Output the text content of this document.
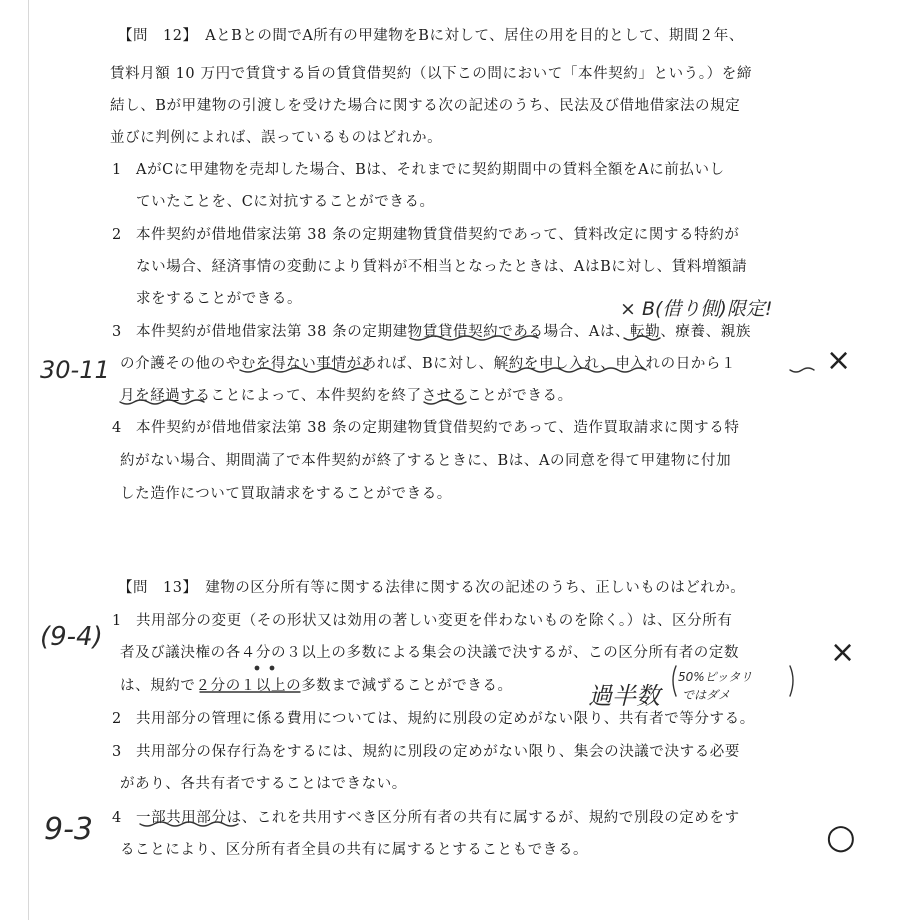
【問　12】　AとBとの間でA所有の甲建物をBに対して、居住の用を目的として、期間２年、
賃料月額 10 万円で賃貸する旨の賃貸借契約（以下この問において「本件契約」という。）を締
結し、Bが甲建物の引渡しを受けた場合に関する次の記述のうち、民法及び借地借家法の規定
並びに判例によれば、誤っているものはどれか。
1 AがCに甲建物を売却した場合、Bは、それまでに契約期間中の賃料全額をAに前払いし
ていたことを、Cに対抗することができる。
2 本件契約が借地借家法第 38 条の定期建物賃貸借契約であって、賃料改定に関する特約が
ない場合、経済事情の変動により賃料が不相当となったときは、AはBに対し、賃料増額請
求をすることができる。
3 本件契約が借地借家法第 38 条の定期建物賃貸借契約である場合、Aは、転勤、療養、親族
の介護その他のやむを得ない事情があれば、Bに対し、解約を申し入れ、申入れの日から１
月を経過することによって、本件契約を終了させることができる。
4 本件契約が借地借家法第 38 条の定期建物賃貸借契約であって、造作買取請求に関する特
約がない場合、期間満了で本件契約が終了するときに、Bは、Aの同意を得て甲建物に付加
した造作について買取請求をすることができる。
【問　13】　建物の区分所有等に関する法律に関する次の記述のうち、正しいものはどれか。
1 共用部分の変更（その形状又は効用の著しい変更を伴わないものを除く。）は、区分所有
者及び議決権の各４分の３以上の多数による集会の決議で決するが、この区分所有者の定数
は、規約で２分の１以上の多数まで減ずることができる。
2 共用部分の管理に係る費用については、規約に別段の定めがない限り、共有者で等分する。
3 共用部分の保存行為をするには、規約に別段の定めがない限り、集会の決議で決する必要
があり、各共有者ですることはできない。
4 一部共用部分は、これを共用すべき区分所有者の共有に属するが、規約で別段の定めをす
ることにより、区分所有者全員の共有に属するとすることもできる。
30-11
(9-4)
9-3
× B(借り側)限定!
過半数
50%ピッタリ
ではダメ
×
×
○
